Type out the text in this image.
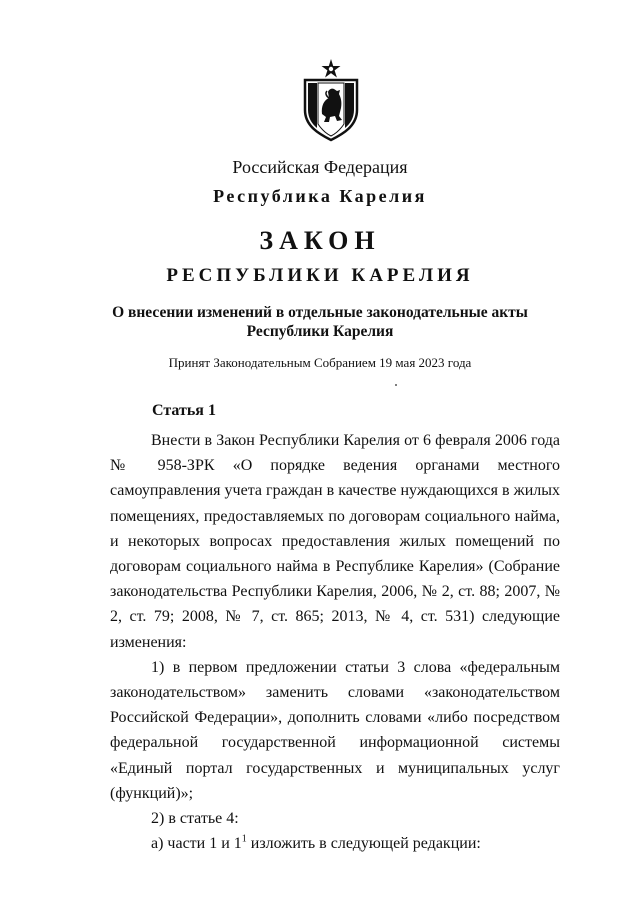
Российская Федерация
Республика Карелия
ЗАКОН
РЕСПУБЛИКИ КАРЕЛИЯ
О внесении изменений в отдельные законодательные акты
Республики Карелия
Принят Законодательным Собранием 19 мая 2023 года
Статья 1

Внести в Закон Республики Карелия от 6 февраля 2006 года № 958-ЗРК «О порядке ведения органами местного самоуправления учета граждан в качестве нуждающихся в жилых помещениях, предоставляемых по договорам социального найма, и некоторых вопросах предоставления жилых помещений по договорам социального найма в Республике Карелия» (Собрание законодательства Республики Карелия, 2006, № 2, ст. 88; 2007, № 2, ст. 79; 2008, № 7, ст. 865; 2013, № 4, ст. 531) следующие изменения:

1) в первом предложении статьи 3 слова «федеральным законодательством» заменить словами «законодательством Российской Федерации», дополнить словами «либо посредством федеральной государственной информационной системы «Единый портал государственных и муниципальных услуг (функций)»;

2) в статье 4:

а) части 1 и $1^1$ изложить в следующей редакции:
